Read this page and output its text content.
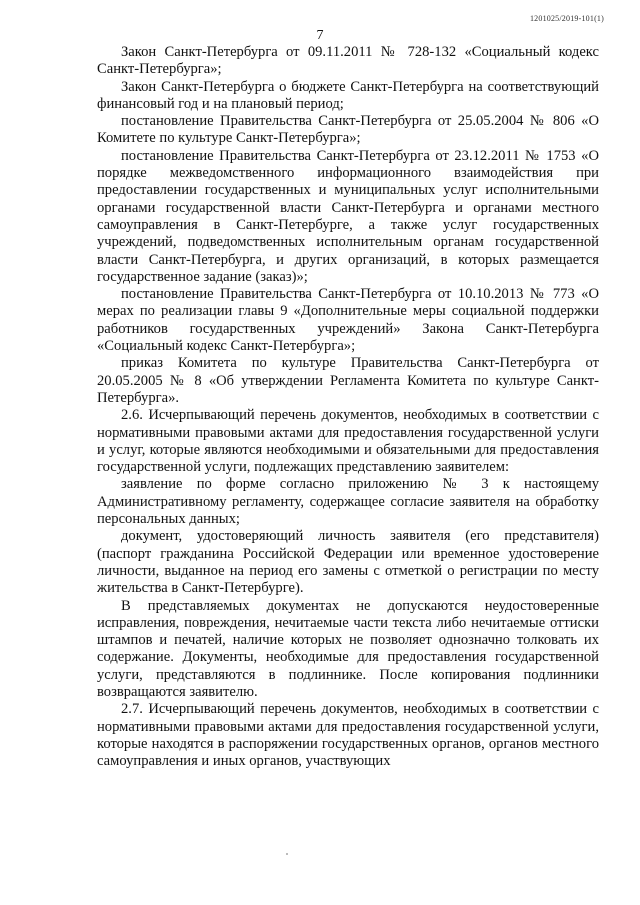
1201025/2019-101(1)
7

Закон Санкт-Петербурга от 09.11.2011 № 728-132 «Социальный кодекс Санкт-Петербурга»;

Закон Санкт-Петербурга о бюджете Санкт-Петербурга на соответствующий финансовый год и на плановый период;

постановление Правительства Санкт-Петербурга от 25.05.2004 № 806 «О Комитете по культуре Санкт-Петербурга»;

постановление Правительства Санкт-Петербурга от 23.12.2011 № 1753 «О порядке межведомственного информационного взаимодействия при предоставлении государственных и муниципальных услуг исполнительными органами государственной власти Санкт-Петербурга и органами местного самоуправления в Санкт-Петербурге, а также услуг государственных учреждений, подведомственных исполнительным органам государственной власти Санкт-Петербурга, и других организаций, в которых размещается государственное задание (заказ)»;

постановление Правительства Санкт-Петербурга от 10.10.2013 № 773 «О мерах по реализации главы 9 «Дополнительные меры социальной поддержки работников государственных учреждений» Закона Санкт-Петербурга «Социальный кодекс Санкт-Петербурга»;

приказ Комитета по культуре Правительства Санкт-Петербурга от 20.05.2005 № 8 «Об утверждении Регламента Комитета по культуре Санкт-Петербурга».

2.6. Исчерпывающий перечень документов, необходимых в соответствии с нормативными правовыми актами для предоставления государственной услуги и услуг, которые являются необходимыми и обязательными для предоставления государственной услуги, подлежащих представлению заявителем:

заявление по форме согласно приложению № 3 к настоящему Административному регламенту, содержащее согласие заявителя на обработку персональных данных;

документ, удостоверяющий личность заявителя (его представителя) (паспорт гражданина Российской Федерации или временное удостоверение личности, выданное на период его замены с отметкой о регистрации по месту жительства в Санкт-Петербурге).

В представляемых документах не допускаются неудостоверенные исправления, повреждения, нечитаемые части текста либо нечитаемые оттиски штампов и печатей, наличие которых не позволяет однозначно толковать их содержание. Документы, необходимые для предоставления государственной услуги, представляются в подлиннике. После копирования подлинники возвращаются заявителю.

2.7. Исчерпывающий перечень документов, необходимых в соответствии с нормативными правовыми актами для предоставления государственной услуги, которые находятся в распоряжении государственных органов, органов местного самоуправления и иных органов, участвующих
